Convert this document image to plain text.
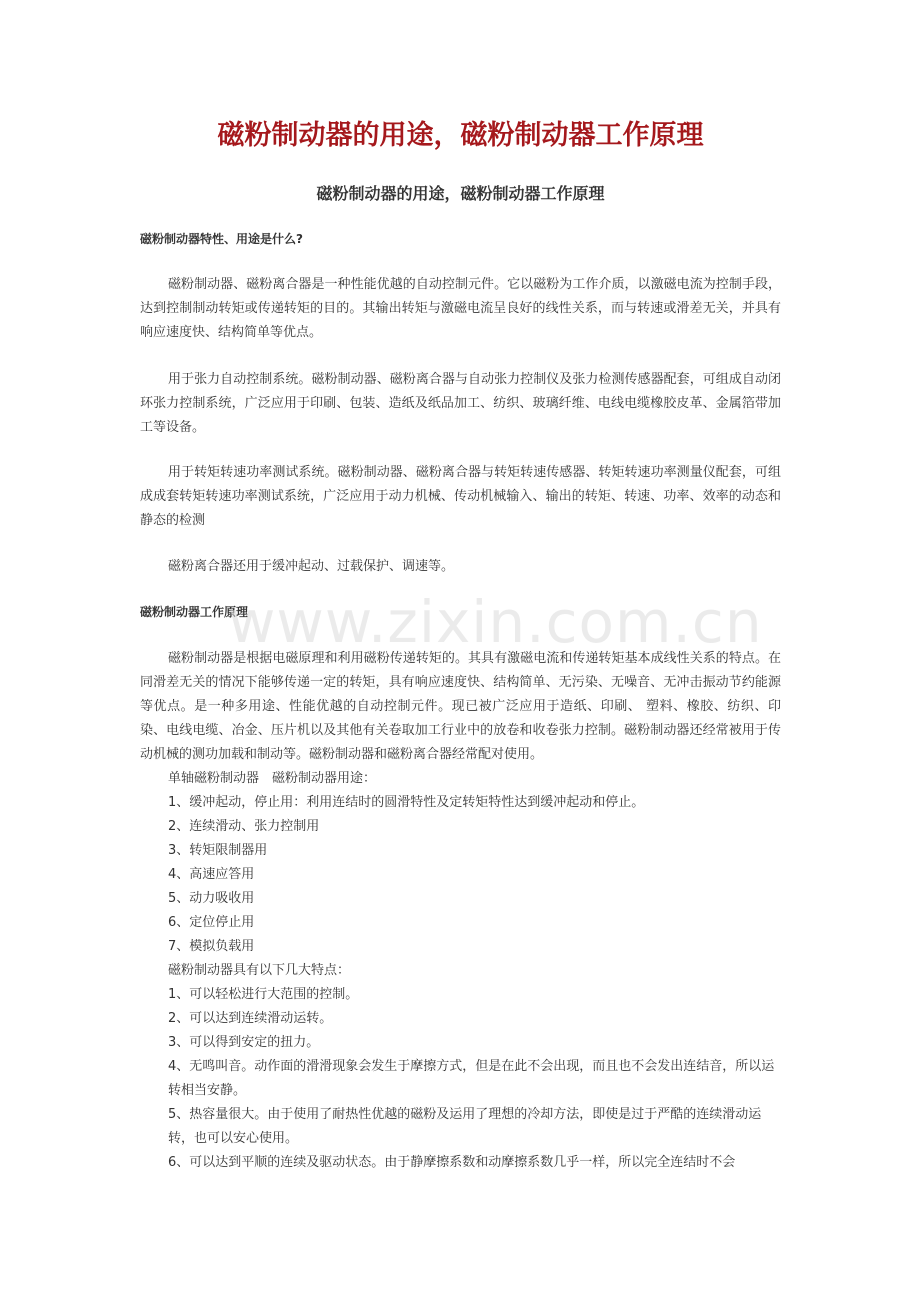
磁粉制动器的用途，磁粉制动器工作原理
磁粉制动器的用途，磁粉制动器工作原理
磁粉制动器特性、用途是什么?

磁粉制动器、磁粉离合器是一种性能优越的自动控制元件。它以磁粉为工作介质，以激磁电流为控制手段，达到控制制动转矩或传递转矩的目的。其输出转矩与激磁电流呈良好的线性关系，而与转速或滑差无关，并具有响应速度快、结构简单等优点。

用于张力自动控制系统。磁粉制动器、磁粉离合器与自动张力控制仪及张力检测传感器配套，可组成自动闭环张力控制系统，广泛应用于印刷、包装、造纸及纸品加工、纺织、玻璃纤维、电线电缆橡胶皮革、金属箔带加工等设备。

用于转矩转速功率测试系统。磁粉制动器、磁粉离合器与转矩转速传感器、转矩转速功率测量仪配套，可组成成套转矩转速功率测试系统，广泛应用于动力机械、传动机械输入、输出的转矩、转速、功率、效率的动态和静态的检测

磁粉离合器还用于缓冲起动、过载保护、调速等。

磁粉制动器工作原理

磁粉制动器是根据电磁原理和利用磁粉传递转矩的。其具有激磁电流和传递转矩基本成线性关系的特点。在同滑差无关的情况下能够传递一定的转矩，具有响应速度快、结构简单、无污染、无噪音、无冲击振动节约能源等优点。是一种多用途、性能优越的自动控制元件。现已被广泛应用于造纸、印刷、 塑料、橡胶、纺织、印染、电线电缆、冶金、压片机以及其他有关卷取加工行业中的放卷和收卷张力控制。磁粉制动器还经常被用于传动机械的测功加载和制动等。磁粉制动器和磁粉离合器经常配对使用。

单轴磁粉制动器　磁粉制动器用途：

1、缓冲起动，停止用：利用连结时的圆滑特性及定转矩特性达到缓冲起动和停止。

2、连续滑动、张力控制用

3、转矩限制器用

4、高速应答用

5、动力吸收用

6、定位停止用

7、模拟负载用

磁粉制动器具有以下几大特点：

1、可以轻松进行大范围的控制。

2、可以达到连续滑动运转。

3、可以得到安定的扭力。

4、无鸣叫音。动作面的滑滑现象会发生于摩擦方式，但是在此不会出现，而且也不会发出连结音，所以运转相当安静。

5、热容量很大。由于使用了耐热性优越的磁粉及运用了理想的冷却方法，即使是过于严酷的连续滑动运转，也可以安心使用。

6、可以达到平顺的连续及驱动状态。由于静摩擦系数和动摩擦系数几乎一样，所以完全连结时不会

www.zixin.com.cn
